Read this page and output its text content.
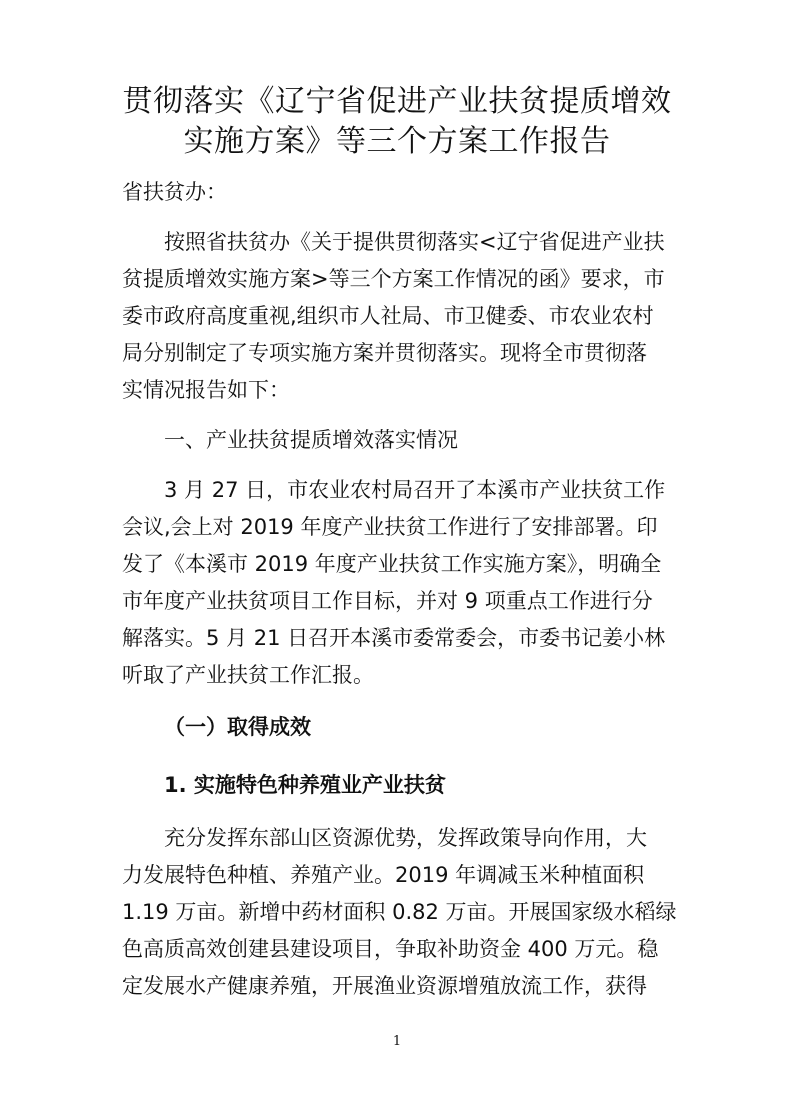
贯彻落实《辽宁省促进产业扶贫提质增效
实施方案》等三个方案工作报告
省扶贫办：
按照省扶贫办《关于提供贯彻落实<辽宁省促进产业扶
贫提质增效实施方案>等三个方案工作情况的函》要求，市
委市政府高度重视,组织市人社局、市卫健委、市农业农村
局分别制定了专项实施方案并贯彻落实。现将全市贯彻落
实情况报告如下：
一、产业扶贫提质增效落实情况
3 月 27 日，市农业农村局召开了本溪市产业扶贫工作
会议,会上对 2019 年度产业扶贫工作进行了安排部署。印
发了《本溪市 2019 年度产业扶贫工作实施方案》，明确全
市年度产业扶贫项目工作目标，并对 9 项重点工作进行分
解落实。5 月 21 日召开本溪市委常委会，市委书记姜小林
听取了产业扶贫工作汇报。
（一）取得成效
1. 实施特色种养殖业产业扶贫
充分发挥东部山区资源优势，发挥政策导向作用，大
力发展特色种植、养殖产业。2019 年调减玉米种植面积
1.19 万亩。新增中药材面积 0.82 万亩。开展国家级水稻绿
色高质高效创建县建设项目，争取补助资金 400 万元。稳
定发展水产健康养殖，开展渔业资源增殖放流工作，获得
1
